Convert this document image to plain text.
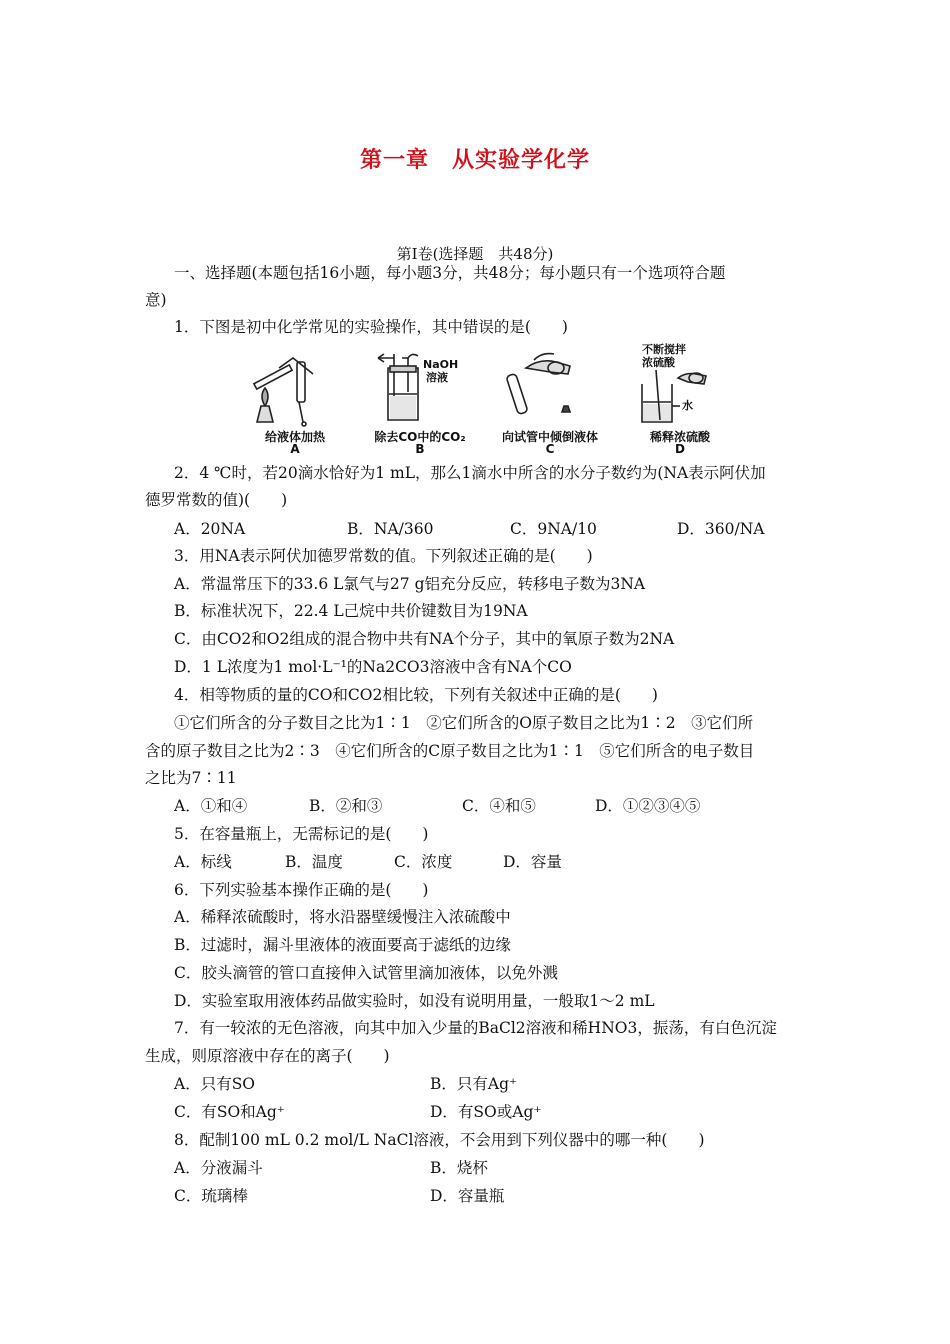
第一章　从实验学化学
第Ⅰ卷(选择题　共48分)
一、选择题(本题包括16小题，每小题3分，共48分；每小题只有一个选项符合题
意)
1．下图是初中化学常见的实验操作，其中错误的是(　　)
给液体加热
A
NaOH
溶液
除去CO中的CO₂
B
向试管中倾倒液体
C
不断搅拌
浓硫酸
水
稀释浓硫酸
D
2．4 ℃时，若20滴水恰好为1 mL，那么1滴水中所含的水分子数约为(NA表示阿伏加
德罗常数的值)(　　)
A．20NA	B．NA/360	C．9NA/10	D．360/NA
3．用NA表示阿伏加德罗常数的值。下列叙述正确的是(　　)
A．常温常压下的33.6 L氯气与27 g铝充分反应，转移电子数为3NA
B．标准状况下，22.4 L己烷中共价键数目为19NA
C．由CO2和O2组成的混合物中共有NA个分子，其中的氧原子数为2NA
D．1 L浓度为1 mol·L⁻¹的Na2CO3溶液中含有NA个CO
4．相等物质的量的CO和CO2相比较，下列有关叙述中正确的是(　　)
①它们所含的分子数目之比为1∶1　②它们所含的O原子数目之比为1∶2　③它们所
含的原子数目之比为2∶3　④它们所含的C原子数目之比为1∶1　⑤它们所含的电子数目
之比为7∶11
A．①和④	B．②和③	C．④和⑤	D．①②③④⑤
5．在容量瓶上，无需标记的是(　　)
A．标线	B．温度	C．浓度	D．容量
6．下列实验基本操作正确的是(　　)
A．稀释浓硫酸时，将水沿器壁缓慢注入浓硫酸中
B．过滤时，漏斗里液体的液面要高于滤纸的边缘
C．胶头滴管的管口直接伸入试管里滴加液体，以免外溅
D．实验室取用液体药品做实验时，如没有说明用量，一般取1～2 mL
7．有一较浓的无色溶液，向其中加入少量的BaCl2溶液和稀HNO3，振荡，有白色沉淀
生成，则原溶液中存在的离子(　　)
A．只有SO	B．只有Ag⁺
C．有SO和Ag⁺	D．有SO或Ag⁺
8．配制100 mL 0.2 mol/L NaCl溶液，不会用到下列仪器中的哪一种(　　)
A．分液漏斗	B．烧杯
C．琉璃棒	D．容量瓶
